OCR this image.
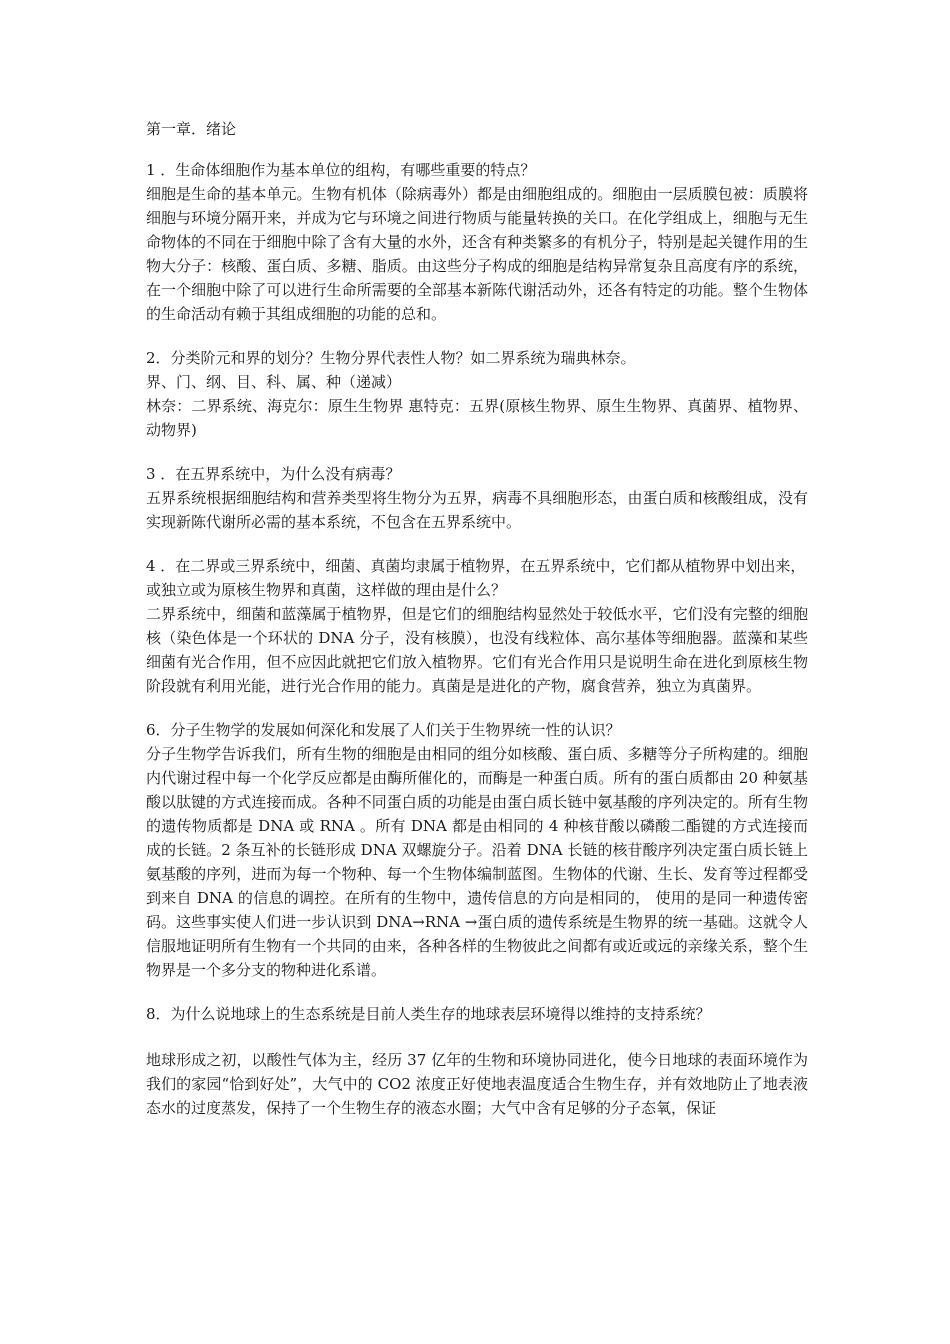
第一章．绪论

1 ．生命体细胞作为基本单位的组构，有哪些重要的特点？

细胞是生命的基本单元。生物有机体（除病毒外）都是由细胞组成的。细胞由一层质膜包被：质膜将细胞与环境分隔开来，并成为它与环境之间进行物质与能量转换的关口。在化学组成上，细胞与无生命物体的不同在于细胞中除了含有大量的水外，还含有种类繁多的有机分子，特别是起关键作用的生物大分子：核酸、蛋白质、多糖、脂质。由这些分子构成的细胞是结构异常复杂且高度有序的系统，在一个细胞中除了可以进行生命所需要的全部基本新陈代谢活动外，还各有特定的功能。整个生物体的生命活动有赖于其组成细胞的功能的总和。

2．分类阶元和界的划分？生物分界代表性人物？如二界系统为瑞典林奈。

界、门、纲、目、科、属、种（递减）

林奈：二界系统、海克尔：原生生物界 惠特克：五界(原核生物界、原生生物界、真菌界、植物界、动物界)

3 ．在五界系统中，为什么没有病毒？

五界系统根据细胞结构和营养类型将生物分为五界，病毒不具细胞形态，由蛋白质和核酸组成，没有实现新陈代谢所必需的基本系统，不包含在五界系统中。

4 ．在二界或三界系统中，细菌、真菌均隶属于植物界，在五界系统中，它们都从植物界中划出来，或独立或为原核生物界和真菌，这样做的理由是什么？

二界系统中，细菌和蓝藻属于植物界，但是它们的细胞结构显然处于较低水平，它们没有完整的细胞核（染色体是一个环状的 DNA 分子，没有核膜），也没有线粒体、高尔基体等细胞器。蓝藻和某些细菌有光合作用，但不应因此就把它们放入植物界。它们有光合作用只是说明生命在进化到原核生物阶段就有利用光能，进行光合作用的能力。真菌是是进化的产物，腐食营养，独立为真菌界。

6．分子生物学的发展如何深化和发展了人们关于生物界统一性的认识？

分子生物学告诉我们，所有生物的细胞是由相同的组分如核酸、蛋白质、多糖等分子所构建的。细胞内代谢过程中每一个化学反应都是由酶所催化的，而酶是一种蛋白质。所有的蛋白质都由 20 种氨基酸以肽键的方式连接而成。各种不同蛋白质的功能是由蛋白质长链中氨基酸的序列决定的。所有生物的遗传物质都是 DNA 或 RNA 。所有 DNA 都是由相同的 4 种核苷酸以磷酸二酯键的方式连接而成的长链。2 条互补的长链形成 DNA 双螺旋分子。沿着 DNA 长链的核苷酸序列决定蛋白质长链上氨基酸的序列，进而为每一个物种、每一个生物体编制蓝图。生物体的代谢、生长、发育等过程都受到来自 DNA 的信息的调控。在所有的生物中，遗传信息的方向是相同的， 使用的是同一种遗传密码。这些事实使人们进一步认识到 DNA→RNA →蛋白质的遗传系统是生物界的统一基础。这就令人信服地证明所有生物有一个共同的由来，各种各样的生物彼此之间都有或近或远的亲缘关系，整个生物界是一个多分支的物种进化系谱。

8．为什么说地球上的生态系统是目前人类生存的地球表层环境得以维持的支持系统？

地球形成之初，以酸性气体为主，经历 37 亿年的生物和环境协同进化，使今日地球的表面环境作为我们的家园“恰到好处”，大气中的 CO2 浓度正好使地表温度适合生物生存，并有效地防止了地表液态水的过度蒸发，保持了一个生物生存的液态水圈；大气中含有足够的分子态氧，保证
